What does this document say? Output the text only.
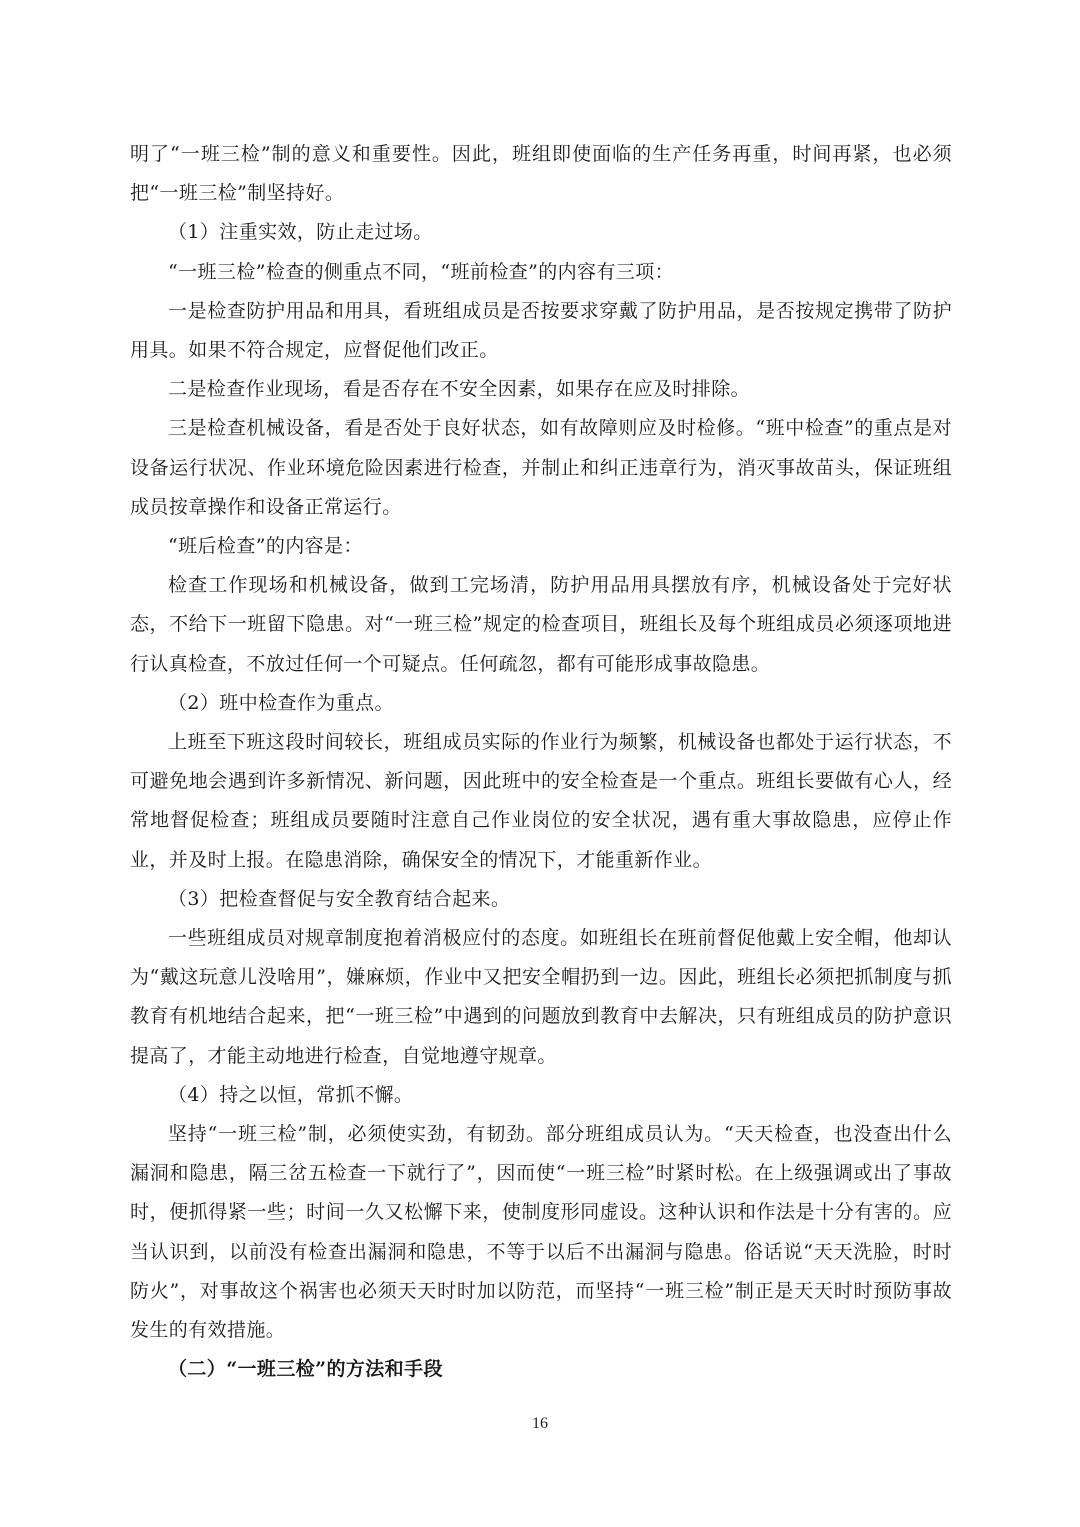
明了“一班三检”制的意义和重要性。因此，班组即使面临的生产任务再重，时间再紧，也必须把“一班三检”制坚持好。

（1）注重实效，防止走过场。

“一班三检”检查的侧重点不同，“班前检查”的内容有三项：

一是检查防护用品和用具，看班组成员是否按要求穿戴了防护用品，是否按规定携带了防护用具。如果不符合规定，应督促他们改正。

二是检查作业现场，看是否存在不安全因素，如果存在应及时排除。

三是检查机械设备，看是否处于良好状态，如有故障则应及时检修。“班中检查”的重点是对设备运行状况、作业环境危险因素进行检查，并制止和纠正违章行为，消灭事故苗头，保证班组成员按章操作和设备正常运行。

“班后检查”的内容是：

检查工作现场和机械设备，做到工完场清，防护用品用具摆放有序，机械设备处于完好状态，不给下一班留下隐患。对“一班三检”规定的检查项目，班组长及每个班组成员必须逐项地进行认真检查，不放过任何一个可疑点。任何疏忽，都有可能形成事故隐患。

（2）班中检查作为重点。

上班至下班这段时间较长，班组成员实际的作业行为频繁，机械设备也都处于运行状态，不可避免地会遇到许多新情况、新问题，因此班中的安全检查是一个重点。班组长要做有心人，经常地督促检查；班组成员要随时注意自己作业岗位的安全状况，遇有重大事故隐患，应停止作业，并及时上报。在隐患消除，确保安全的情况下，才能重新作业。

（3）把检查督促与安全教育结合起来。

一些班组成员对规章制度抱着消极应付的态度。如班组长在班前督促他戴上安全帽，他却认为“戴这玩意儿没啥用”，嫌麻烦，作业中又把安全帽扔到一边。因此，班组长必须把抓制度与抓教育有机地结合起来，把“一班三检”中遇到的问题放到教育中去解决，只有班组成员的防护意识提高了，才能主动地进行检查，自觉地遵守规章。

（4）持之以恒，常抓不懈。

坚持“一班三检”制，必须使实劲，有韧劲。部分班组成员认为。“天天检查，也没查出什么漏洞和隐患，隔三岔五检查一下就行了”，因而使“一班三检”时紧时松。在上级强调或出了事故时，便抓得紧一些；时间一久又松懈下来，使制度形同虚设。这种认识和作法是十分有害的。应当认识到，以前没有检查出漏洞和隐患，不等于以后不出漏洞与隐患。俗话说“天天洗脸，时时防火”，对事故这个祸害也必须天天时时加以防范，而坚持“一班三检”制正是天天时时预防事故发生的有效措施。

（二）“一班三检”的方法和手段

16
